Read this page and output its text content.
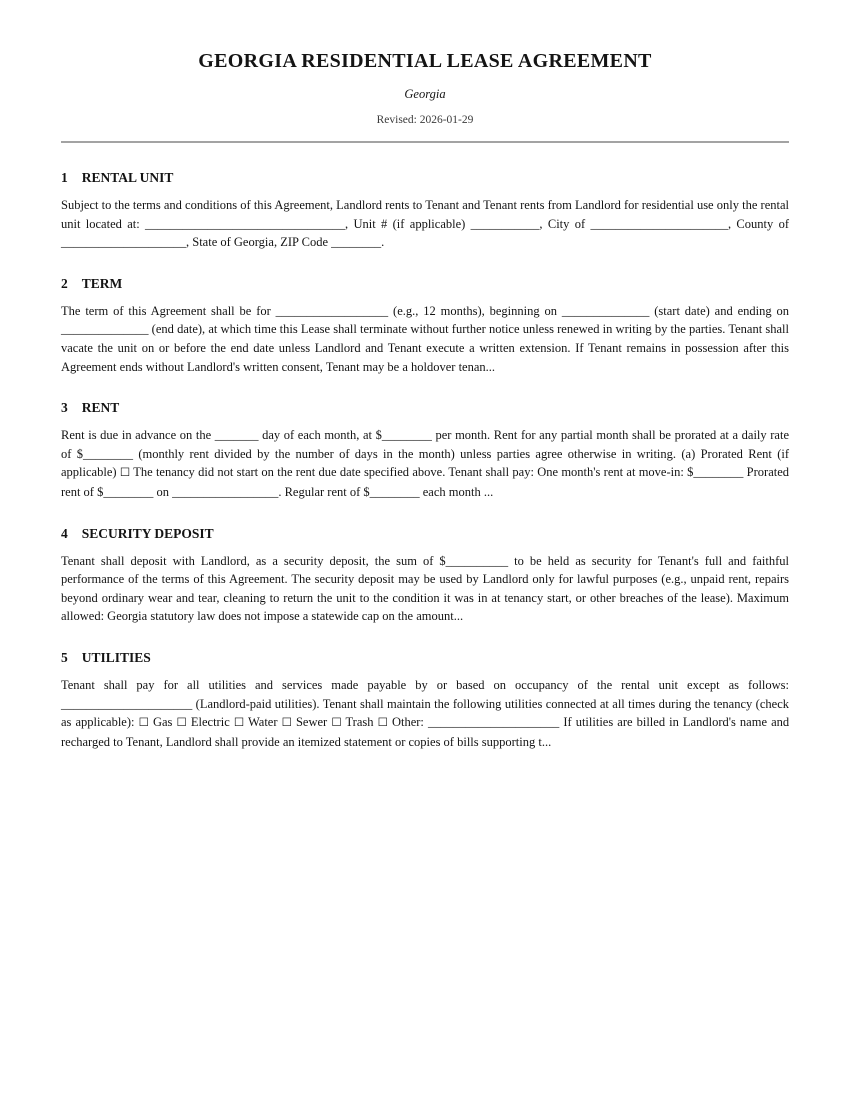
GEORGIA RESIDENTIAL LEASE AGREEMENT
Georgia
Revised: 2026-01-29
1 RENTAL UNIT

Subject to the terms and conditions of this Agreement, Landlord rents to Tenant and Tenant rents from Landlord for residential use only the rental unit located at: ________________________________, Unit # (if applicable) ___________, City of ______________________, County of ____________________, State of Georgia, ZIP Code ________.

2 TERM

The term of this Agreement shall be for __________________ (e.g., 12 months), beginning on ______________ (start date) and ending on ______________ (end date), at which time this Lease shall terminate without further notice unless renewed in writing by the parties. Tenant shall vacate the unit on or before the end date unless Landlord and Tenant execute a written extension. If Tenant remains in possession after this Agreement ends without Landlord's written consent, Tenant may be a holdover tenan...

3 RENT

Rent is due in advance on the _______ day of each month, at $________ per month. Rent for any partial month shall be prorated at a daily rate of $________ (monthly rent divided by the number of days in the month) unless parties agree otherwise in writing. (a) Prorated Rent (if applicable) ☐ The tenancy did not start on the rent due date specified above. Tenant shall pay: One month's rent at move-in: $________ Prorated rent of $________ on _________________. Regular rent of $________ each month ...

4 SECURITY DEPOSIT

Tenant shall deposit with Landlord, as a security deposit, the sum of $__________ to be held as security for Tenant's full and faithful performance of the terms of this Agreement. The security deposit may be used by Landlord only for lawful purposes (e.g., unpaid rent, repairs beyond ordinary wear and tear, cleaning to return the unit to the condition it was in at tenancy start, or other breaches of the lease). Maximum allowed: Georgia statutory law does not impose a statewide cap on the amount...

5 UTILITIES

Tenant shall pay for all utilities and services made payable by or based on occupancy of the rental unit except as follows: _____________________ (Landlord-paid utilities). Tenant shall maintain the following utilities connected at all times during the tenancy (check as applicable): ☐ Gas ☐ Electric ☐ Water ☐ Sewer ☐ Trash ☐ Other: _____________________ If utilities are billed in Landlord's name and recharged to Tenant, Landlord shall provide an itemized statement or copies of bills supporting t...
